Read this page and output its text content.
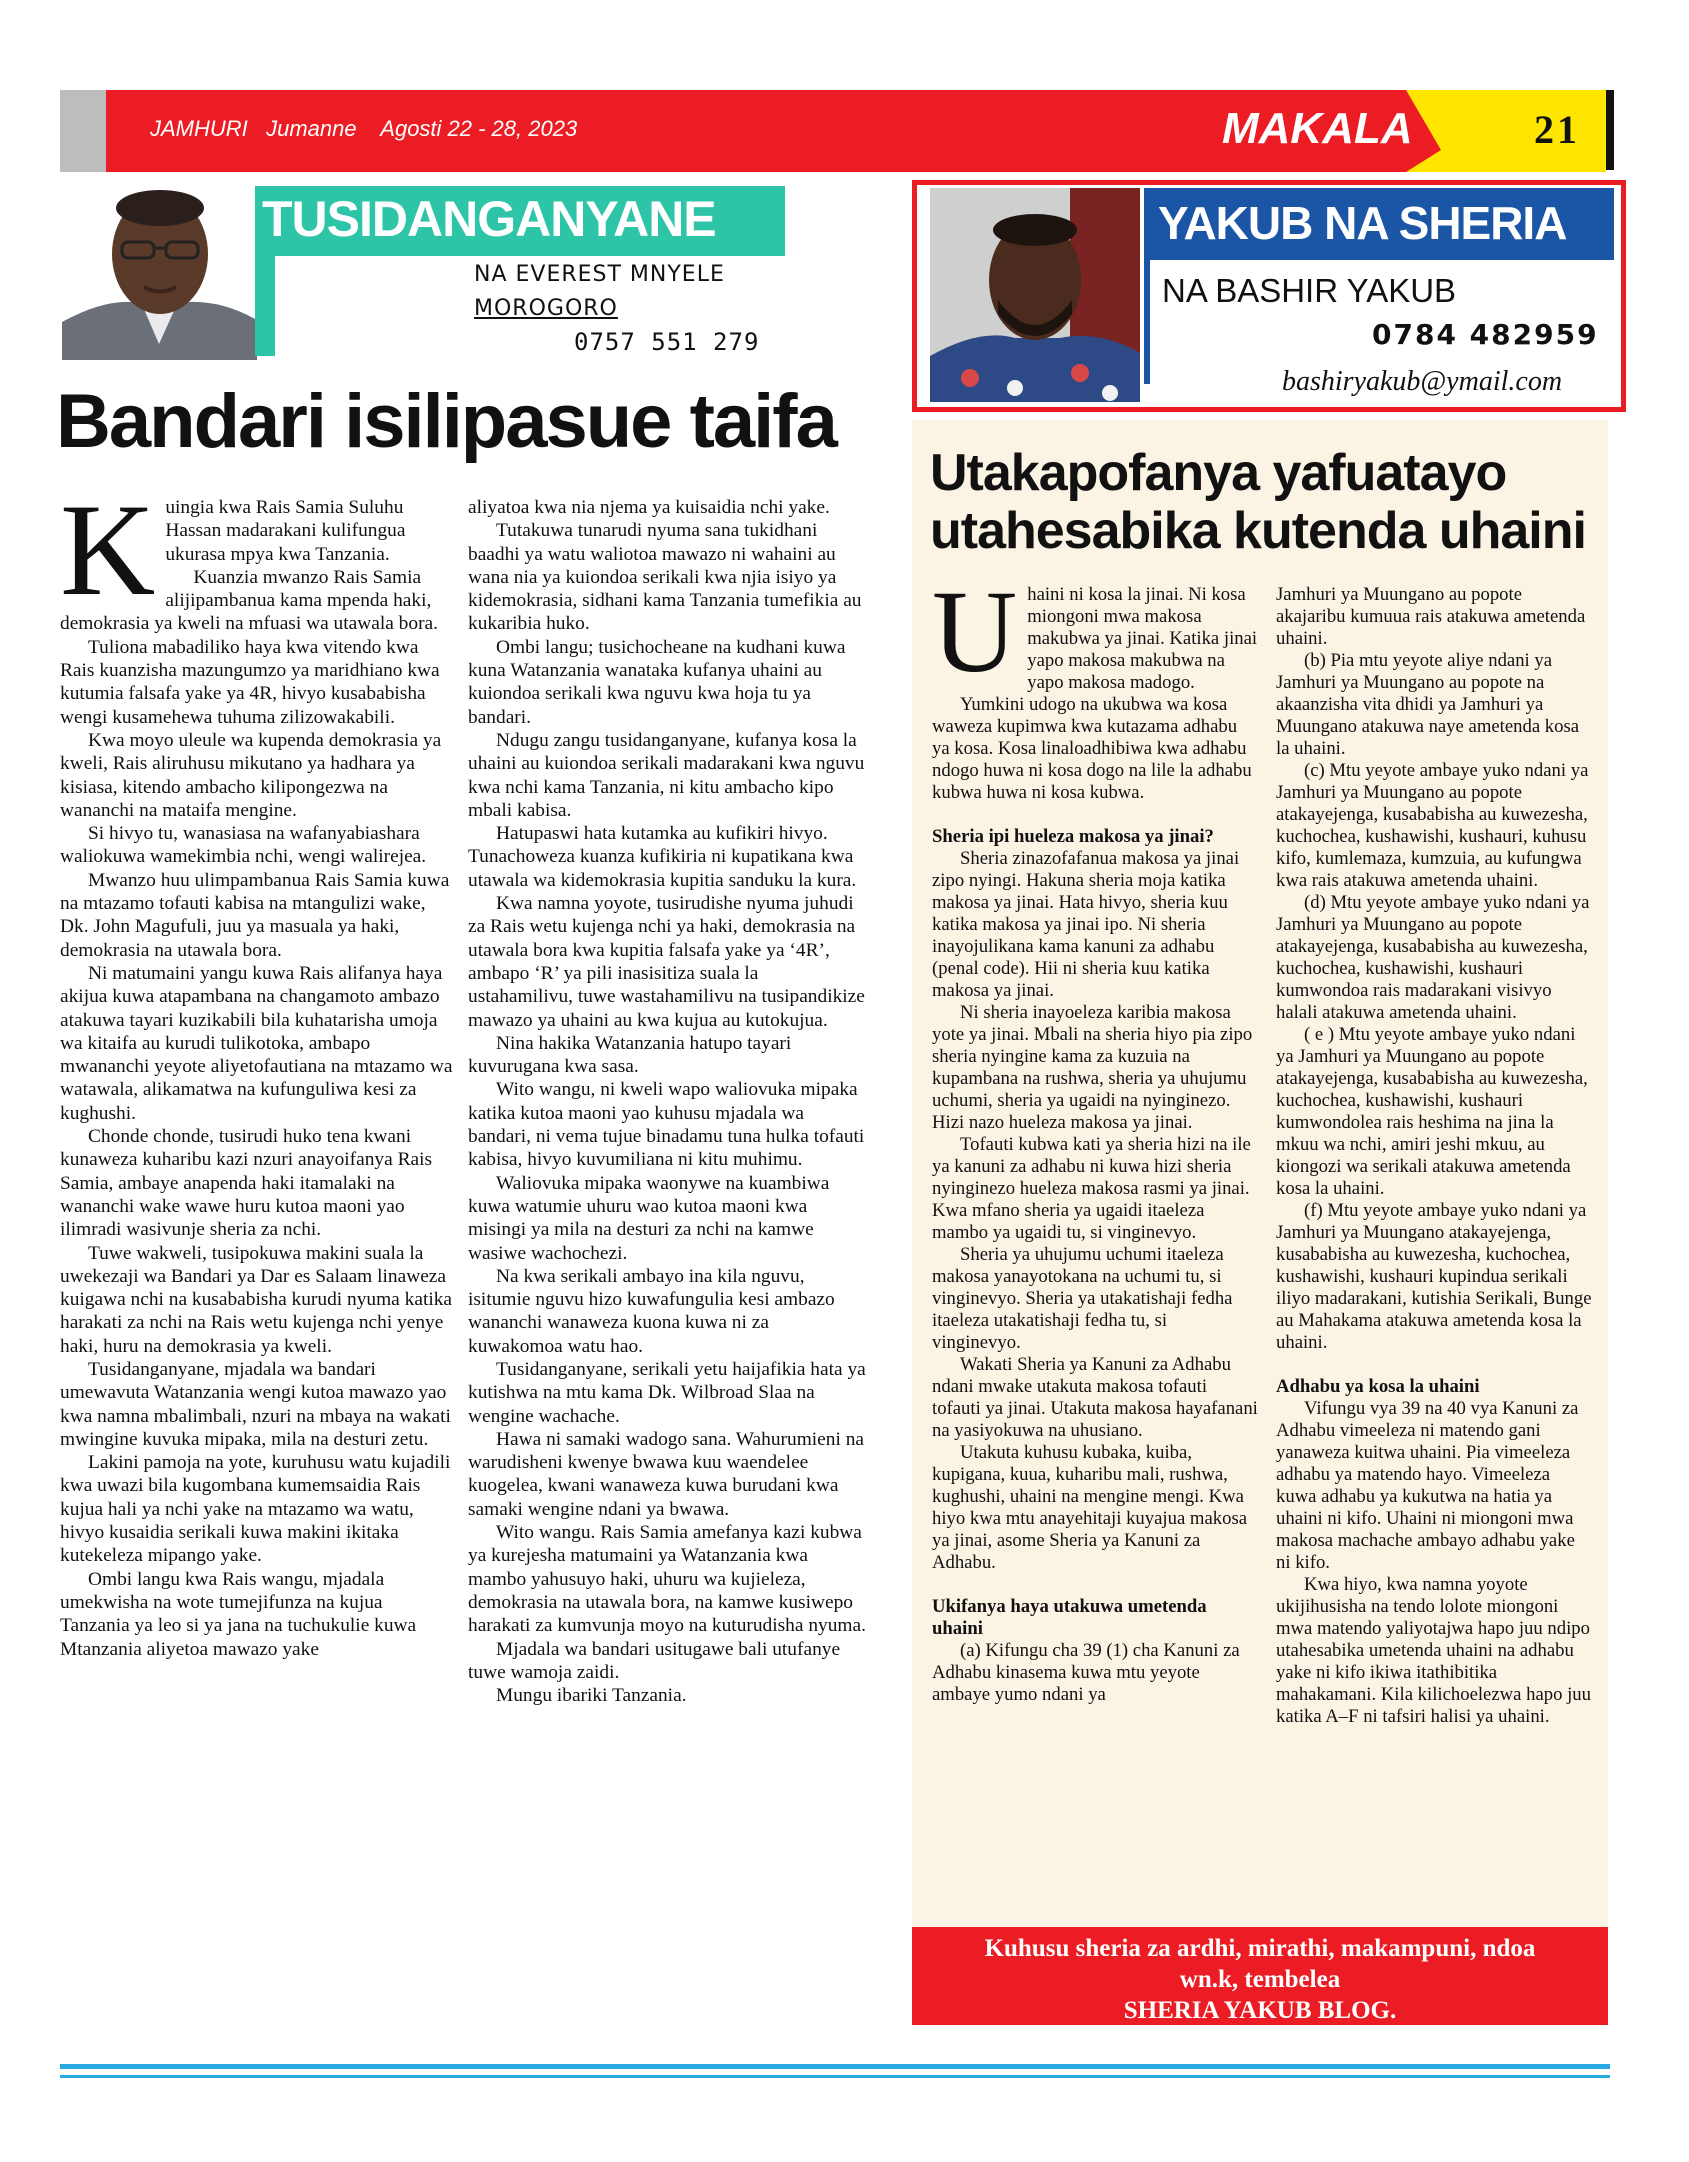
JAMHURI Jumanne Agosti 22 - 28, 2023	MAKALA	21
TUSIDANGANYANE
NA EVEREST MNYELE
MOROGORO
0757 551 279
Bandari isilipasue taifa

Kuingia kwa Rais Samia Suluhu Hassan madarakani kulifungua ukurasa mpya kwa Tanzania.

Kuanzia mwanzo Rais Samia alijipambanua kama mpenda haki, demokrasia ya kweli na mfuasi wa utawala bora.

Tuliona mabadiliko haya kwa vitendo kwa Rais kuanzisha mazungumzo ya maridhiano kwa kutumia falsafa yake ya 4R, hivyo kusababisha wengi kusamehewa tuhuma zilizowakabili.

Kwa moyo uleule wa kupenda demokrasia ya kweli, Rais aliruhusu mikutano ya hadhara ya kisiasa, kitendo ambacho kilipongezwa na wananchi na mataifa mengine.

Si hivyo tu, wanasiasa na wafanyabiashara waliokuwa wamekimbia nchi, wengi walirejea.

Mwanzo huu ulimpambanua Rais Samia kuwa na mtazamo tofauti kabisa na mtangulizi wake, Dk. John Magufuli, juu ya masuala ya haki, demokrasia na utawala bora.

Ni matumaini yangu kuwa Rais alifanya haya akijua kuwa atapambana na changamoto ambazo atakuwa tayari kuzikabili bila kuhatarisha umoja wa kitaifa au kurudi tulikotoka, ambapo mwananchi yeyote aliyetofautiana na mtazamo wa watawala, alikamatwa na kufunguliwa kesi za kughushi.

Chonde chonde, tusirudi huko tena kwani kunaweza kuharibu kazi nzuri anayoifanya Rais Samia, ambaye anapenda haki itamalaki na wananchi wake wawe huru kutoa maoni yao ilimradi wasivunje sheria za nchi.

Tuwe wakweli, tusipokuwa makini suala la uwekezaji wa Bandari ya Dar es Salaam linaweza kuigawa nchi na kusababisha kurudi nyuma katika harakati za nchi na Rais wetu kujenga nchi yenye haki, huru na demokrasia ya kweli.

Tusidanganyane, mjadala wa bandari umewavuta Watanzania wengi kutoa mawazo yao kwa namna mbalimbali, nzuri na mbaya na wakati mwingine kuvuka mipaka, mila na desturi zetu.

Lakini pamoja na yote, kuruhusu watu kujadili kwa uwazi bila kugombana kumemsaidia Rais kujua hali ya nchi yake na mtazamo wa watu, hivyo kusaidia serikali kuwa makini ikitaka kutekeleza mipango yake.

Ombi langu kwa Rais wangu, mjadala umekwisha na wote tumejifunza na kujua Tanzania ya leo si ya jana na tuchukulie kuwa Mtanzania aliyetoa mawazo yake

aliyatoa kwa nia njema ya kuisaidia nchi yake.

Tutakuwa tunarudi nyuma sana tukidhani baadhi ya watu waliotoa mawazo ni wahaini au wana nia ya kuiondoa serikali kwa njia isiyo ya kidemokrasia, sidhani kama Tanzania tumefikia au kukaribia huko.

Ombi langu; tusichocheane na kudhani kuwa kuna Watanzania wanataka kufanya uhaini au kuiondoa serikali kwa nguvu kwa hoja tu ya bandari.

Ndugu zangu tusidanganyane, kufanya kosa la uhaini au kuiondoa serikali madarakani kwa nguvu kwa nchi kama Tanzania, ni kitu ambacho kipo mbali kabisa.

Hatupaswi hata kutamka au kufikiri hivyo. Tunachoweza kuanza kufikiria ni kupatikana kwa utawala wa kidemokrasia kupitia sanduku la kura.

Kwa namna yoyote, tusirudishe nyuma juhudi za Rais wetu kujenga nchi ya haki, demokrasia na utawala bora kwa kupitia falsafa yake ya ‘4R’, ambapo ‘R’ ya pili inasisitiza suala la ustahamilivu, tuwe wastahamilivu na tusipandikize mawazo ya uhaini au kwa kujua au kutokujua.

Nina hakika Watanzania hatupo tayari kuvurugana kwa sasa.

Wito wangu, ni kweli wapo waliovuka mipaka katika kutoa maoni yao kuhusu mjadala wa bandari, ni vema tujue binadamu tuna hulka tofauti kabisa, hivyo kuvumiliana ni kitu muhimu.

Waliovuka mipaka waonywe na kuambiwa kuwa watumie uhuru wao kutoa maoni kwa misingi ya mila na desturi za nchi na kamwe wasiwe wachochezi.

Na kwa serikali ambayo ina kila nguvu, isitumie nguvu hizo kuwafungulia kesi ambazo wananchi wanaweza kuona kuwa ni za kuwakomoa watu hao.

Tusidanganyane, serikali yetu haijafikia hata ya kutishwa na mtu kama Dk. Wilbroad Slaa na wengine wachache.

Hawa ni samaki wadogo sana. Wahurumieni na warudisheni kwenye bwawa kuu waendelee kuogelea, kwani wanaweza kuwa burudani kwa samaki wengine ndani ya bwawa.

Wito wangu. Rais Samia amefanya kazi kubwa ya kurejesha matumaini ya Watanzania kwa mambo yahusuyo haki, uhuru wa kujieleza, demokrasia na utawala bora, na kamwe kusiwepo harakati za kumvunja moyo na kuturudisha nyuma.

Mjadala wa bandari usitugawe bali utufanye tuwe wamoja zaidi.

Mungu ibariki Tanzania.

YAKUB NA SHERIA
NA BASHIR YAKUB
0784 482959
bashiryakub@ymail.com
Utakapofanya yafuatayo
utahesabika kutenda uhaini

Uhaini ni kosa la jinai. Ni kosa miongoni mwa makosa makubwa ya jinai. Katika jinai yapo makosa makubwa na yapo makosa madogo.

Yumkini udogo na ukubwa wa kosa waweza kupimwa kwa kutazama adhabu ya kosa. Kosa linaloadhibiwa kwa adhabu ndogo huwa ni kosa dogo na lile la adhabu kubwa huwa ni kosa kubwa.

Sheria ipi hueleza makosa ya jinai?

Sheria zinazofafanua makosa ya jinai zipo nyingi. Hakuna sheria moja katika makosa ya jinai. Hata hivyo, sheria kuu katika makosa ya jinai ipo. Ni sheria inayojulikana kama kanuni za adhabu (penal code). Hii ni sheria kuu katika makosa ya jinai.

Ni sheria inayoeleza karibia makosa yote ya jinai. Mbali na sheria hiyo pia zipo sheria nyingine kama za kuzuia na kupambana na rushwa, sheria ya uhujumu uchumi, sheria ya ugaidi na nyinginezo. Hizi nazo hueleza makosa ya jinai.

Tofauti kubwa kati ya sheria hizi na ile ya kanuni za adhabu ni kuwa hizi sheria nyinginezo hueleza makosa rasmi ya jinai. Kwa mfano sheria ya ugaidi itaeleza mambo ya ugaidi tu, si vinginevyo.

Sheria ya uhujumu uchumi itaeleza makosa yanayotokana na uchumi tu, si vinginevyo. Sheria ya utakatishaji fedha itaeleza utakatishaji fedha tu, si vinginevyo.

Wakati Sheria ya Kanuni za Adhabu ndani mwake utakuta makosa tofauti tofauti ya jinai. Utakuta makosa hayafanani na yasiyokuwa na uhusiano.

Utakuta kuhusu kubaka, kuiba, kupigana, kuua, kuharibu mali, rushwa, kughushi, uhaini na mengine mengi. Kwa hiyo kwa mtu anayehitaji kuyajua makosa ya jinai, asome Sheria ya Kanuni za Adhabu.

Ukifanya haya utakuwa umetenda uhaini

(a) Kifungu cha 39 (1) cha Kanuni za Adhabu kinasema kuwa mtu yeyote ambaye yumo ndani ya

Jamhuri ya Muungano au popote akajaribu kumuua rais atakuwa ametenda uhaini.

(b) Pia mtu yeyote aliye ndani ya Jamhuri ya Muungano au popote na akaanzisha vita dhidi ya Jamhuri ya Muungano atakuwa naye ametenda kosa la uhaini.

(c) Mtu yeyote ambaye yuko ndani ya Jamhuri ya Muungano au popote atakayejenga, kusababisha au kuwezesha, kuchochea, kushawishi, kushauri, kuhusu kifo, kumlemaza, kumzuia, au kufungwa kwa rais atakuwa ametenda uhaini.

(d) Mtu yeyote ambaye yuko ndani ya Jamhuri ya Muungano au popote atakayejenga, kusababisha au kuwezesha, kuchochea, kushawishi, kushauri kumwondoa rais madarakani visivyo halali atakuwa ametenda uhaini.

( e ) Mtu yeyote ambaye yuko ndani ya Jamhuri ya Muungano au popote atakayejenga, kusababisha au kuwezesha, kuchochea, kushawishi, kushauri kumwondolea rais heshima na jina la mkuu wa nchi, amiri jeshi mkuu, au kiongozi wa serikali atakuwa ametenda kosa la uhaini.

(f) Mtu yeyote ambaye yuko ndani ya Jamhuri ya Muungano atakayejenga, kusababisha au kuwezesha, kuchochea, kushawishi, kushauri kupindua serikali iliyo madarakani, kutishia Serikali, Bunge au Mahakama atakuwa ametenda kosa la uhaini.

Adhabu ya kosa la uhaini

Vifungu vya 39 na 40 vya Kanuni za Adhabu vimeeleza ni matendo gani yanaweza kuitwa uhaini. Pia vimeeleza adhabu ya matendo hayo. Vimeeleza kuwa adhabu ya kukutwa na hatia ya uhaini ni kifo. Uhaini ni miongoni mwa makosa machache ambayo adhabu yake ni kifo.

Kwa hiyo, kwa namna yoyote ukijihusisha na tendo lolote miongoni mwa matendo yaliyotajwa hapo juu ndipo utahesabika umetenda uhaini na adhabu yake ni kifo ikiwa itathibitika mahakamani. Kila kilichoelezwa hapo juu katika A–F ni tafsiri halisi ya uhaini.

Kuhusu sheria za ardhi, mirathi, makampuni, ndoa
wn.k, tembelea
SHERIA YAKUB BLOG.
